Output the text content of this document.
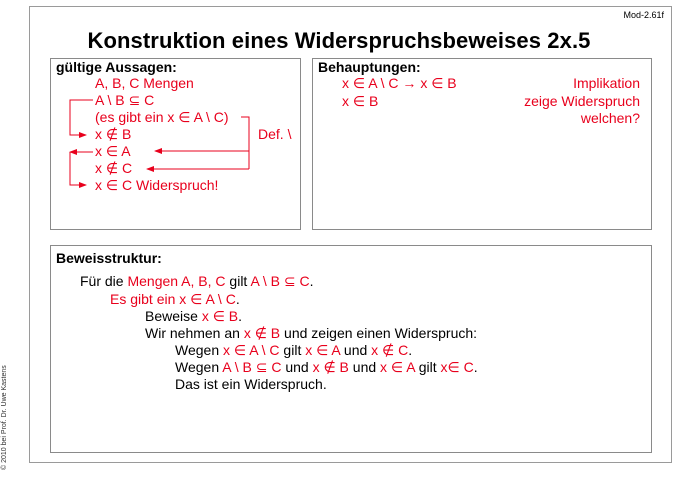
Mod-2.61f
Konstruktion eines Widerspruchsbeweises 2x.5
© 2010 bei Prof. Dr. Uwe Kastens
gültige Aussagen:
A, B, C Mengen
A \ B ⊆ C
(es gibt ein x ∈ A \ C)
x ∉ B
x ∈ A
x ∉ C
x ∈ C Widerspruch!
Def. \
Behauptungen:
x ∈ A \ C → x ∈ B
x ∈ B
Implikation
zeige Widerspruch
welchen?
Beweisstruktur:
Für die Mengen A, B, C gilt A \ B ⊆ C.
Es gibt ein x ∈ A \ C.
Beweise x ∈ B.
Wir nehmen an x ∉ B und zeigen einen Widerspruch:
Wegen x ∈ A \ C gilt x ∈ A und x ∉ C.
Wegen A \ B ⊆ C und x ∉ B und x ∈ A gilt x∈ C.
Das ist ein Widerspruch.
